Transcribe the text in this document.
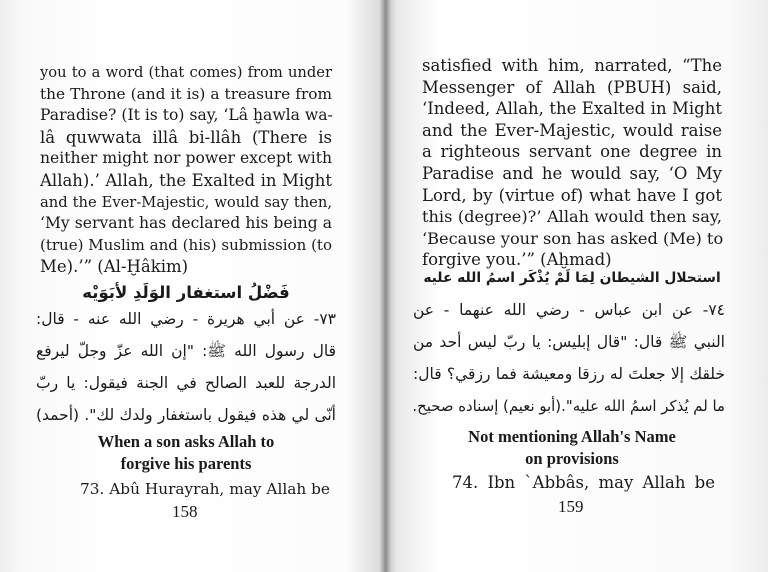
you to a word (that comes) from under
the Throne (and it is) a treasure from
Paradise? (It is to) say, ‘Lâ ḫawla wa-
lâ quwwata illâ bi-llâh (There is
neither might nor power except with
Allah).’ Allah, the Exalted in Might
and the Ever-Majestic, would say then,
‘My servant has declared his being a
(true) Muslim and (his) submission (to
Me).’” (Al-Ḫâkim)
فَضْلُ استغفار الوَلَدِ لأبَوَيْه
٧٣- عن أبي هريرة - رضي الله عنه - قال:
قال رسول الله ﷺ: "إن الله عزّ وجلّ ليرفع
الدرجة للعبد الصالح في الجنة فيقول: يا ربّ
أنّى لي هذه فيقول باستغفار ولدك لك". (أحمد)
When a son asks Allah to
forgive his parents
73. Abû Hurayrah, may Allah be
158
satisfied with him, narrated, “The
Messenger of Allah (PBUH) said,
‘Indeed, Allah, the Exalted in Might
and the Ever-Majestic, would raise
a righteous servant one degree in
Paradise and he would say, ‘O My
Lord, by (virtue of) what have I got
this (degree)?’ Allah would then say,
‘Because your son has asked (Me) to
forgive you.’” (Aḫmad)
استحلال الشيطان لِمَا لَمْ يُذْكَر اسمُ الله عليه
٧٤- عن ابن عباس - رضي الله عنهما - عن
النبي ﷺ قال: "قال إبليس: يا ربّ ليس أحد من
خلقك إلا جعلتَ له رزقا ومعيشة فما رزقي؟ قال:
ما لم يُذكر اسمُ الله عليه".(أبو نعيم) إسناده صحيح.
Not mentioning Allah's Name
on provisions
74. Ibn `Abbâs, may Allah be
159
